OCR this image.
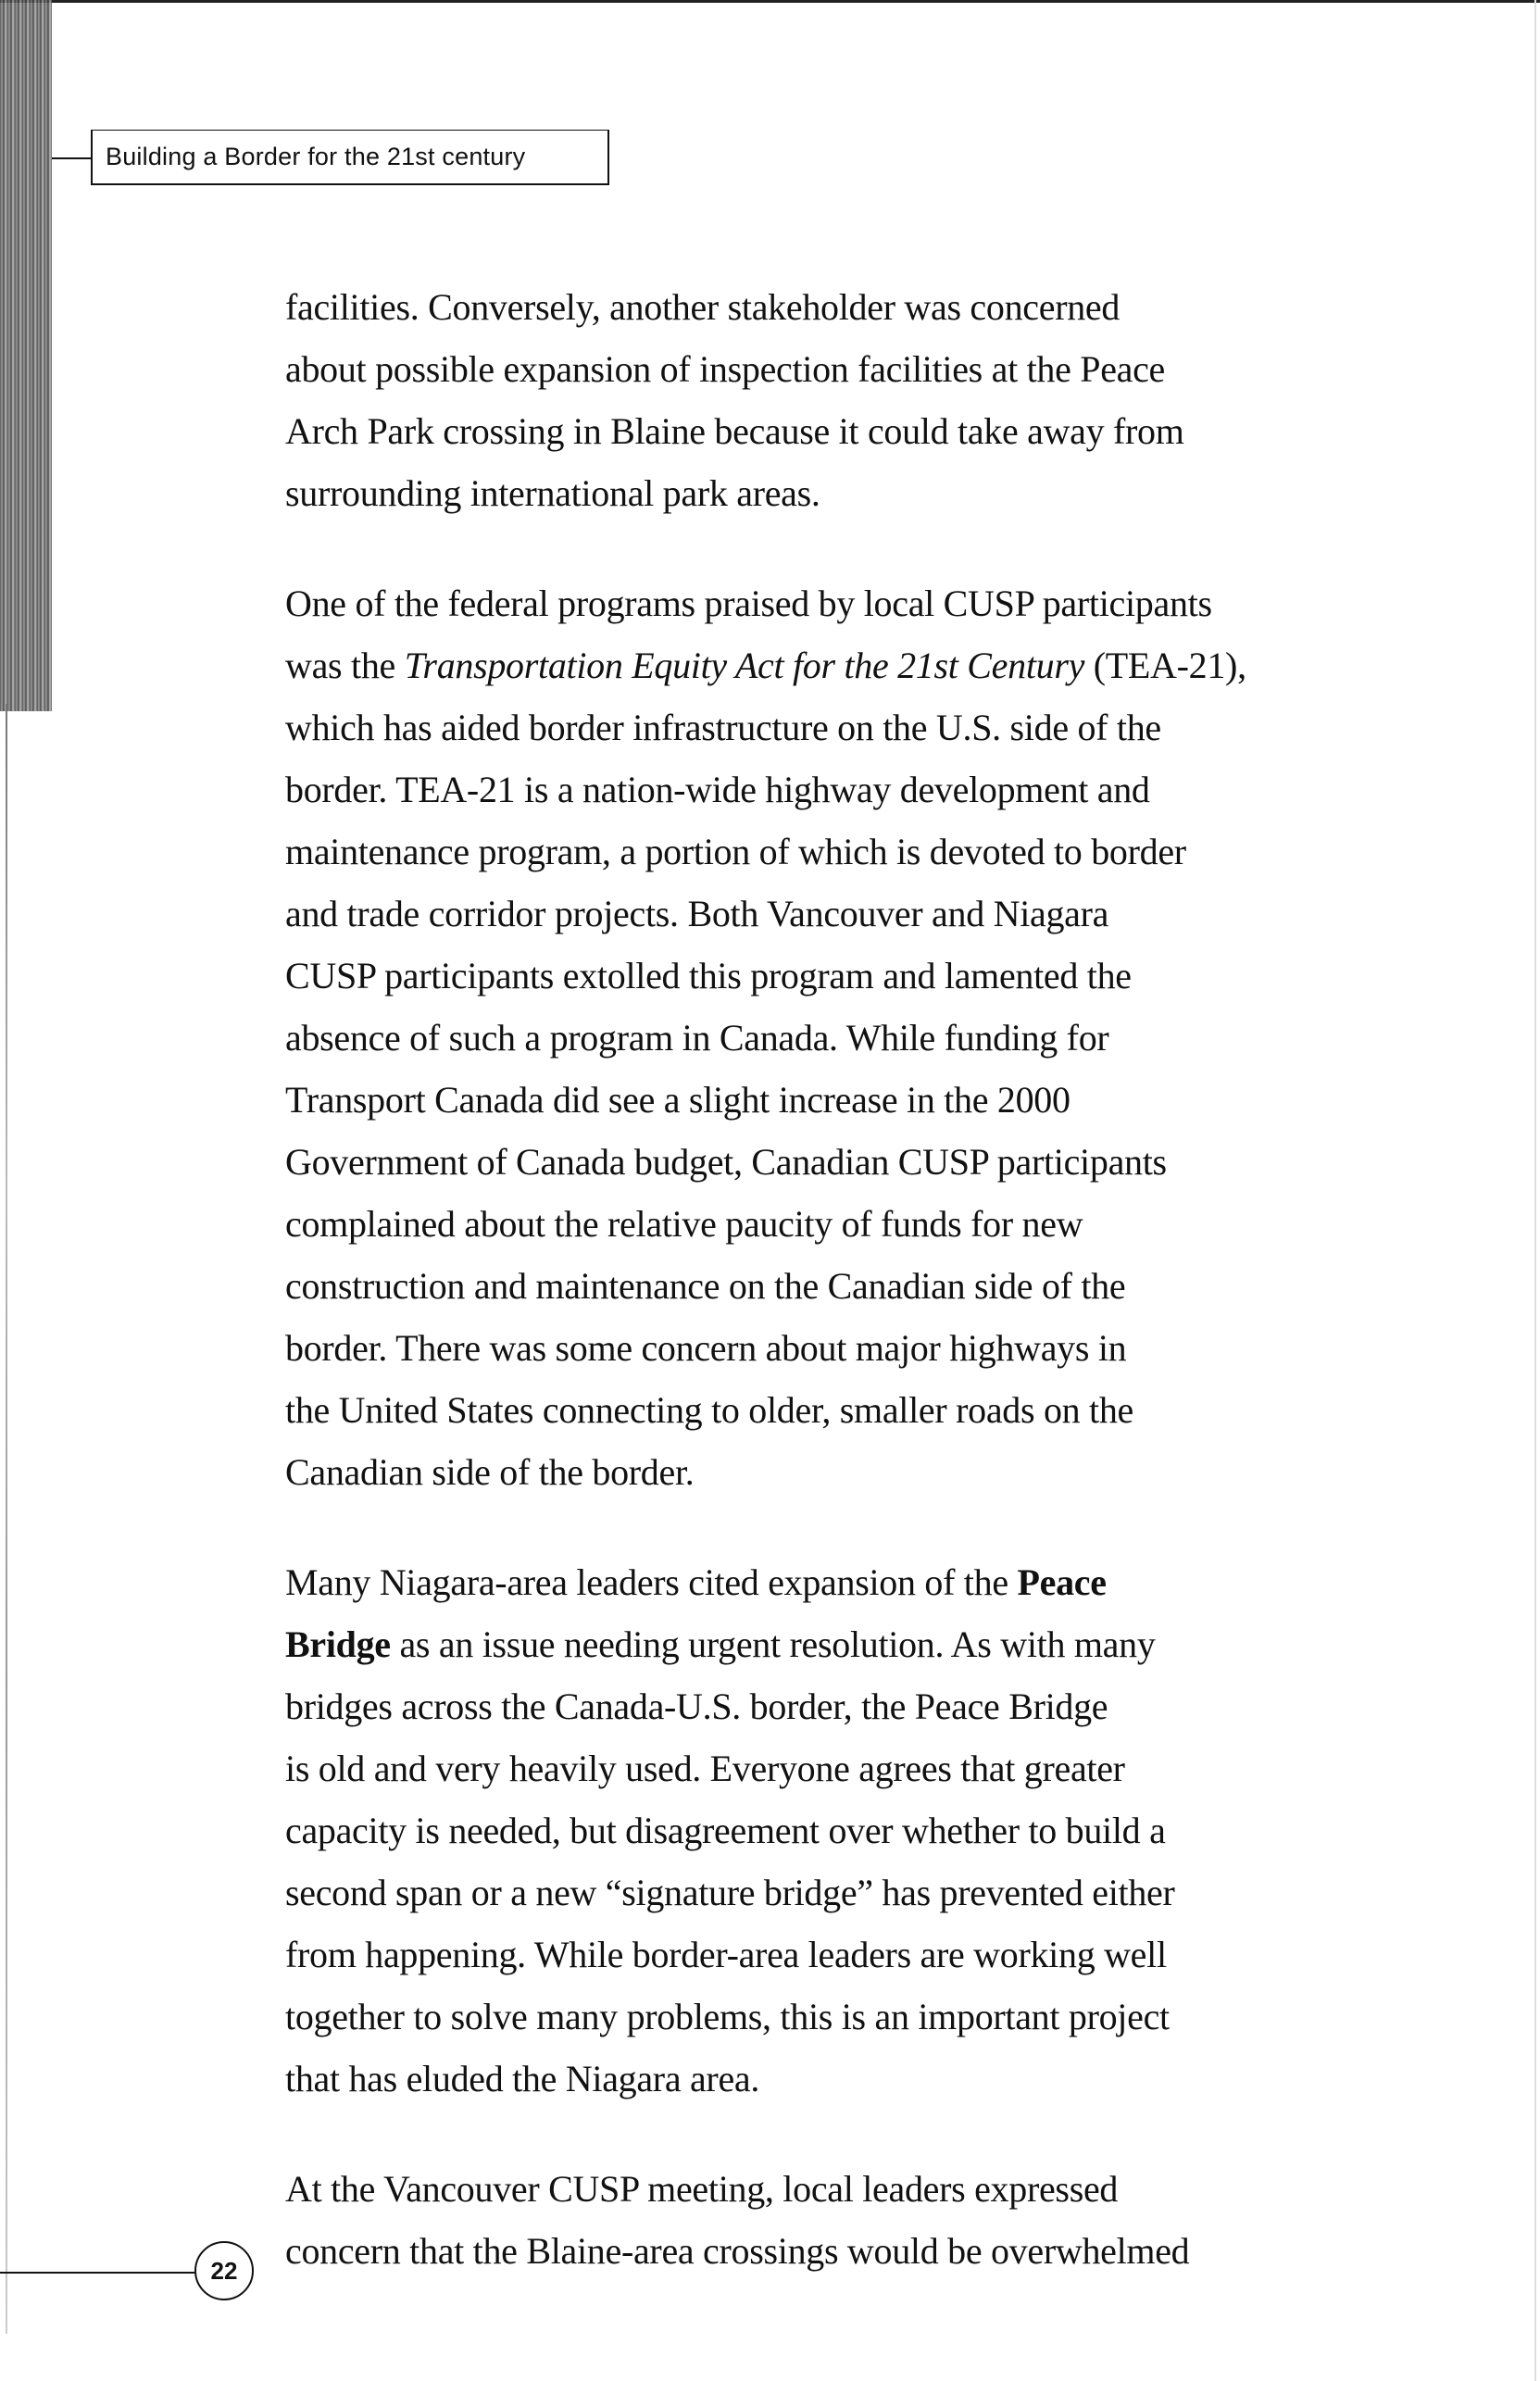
Building a Border for the 21st century

facilities. Conversely, another stakeholder was concerned
about possible expansion of inspection facilities at the Peace
Arch Park crossing in Blaine because it could take away from
surrounding international park areas.

One of the federal programs praised by local CUSP participants
was the Transportation Equity Act for the 21st Century (TEA-21),
which has aided border infrastructure on the U.S. side of the
border. TEA-21 is a nation-wide highway development and
maintenance program, a portion of which is devoted to border
and trade corridor projects. Both Vancouver and Niagara
CUSP participants extolled this program and lamented the
absence of such a program in Canada. While funding for
Transport Canada did see a slight increase in the 2000
Government of Canada budget, Canadian CUSP participants
complained about the relative paucity of funds for new
construction and maintenance on the Canadian side of the
border. There was some concern about major highways in
the United States connecting to older, smaller roads on the
Canadian side of the border.

Many Niagara-area leaders cited expansion of the Peace
Bridge as an issue needing urgent resolution. As with many
bridges across the Canada-U.S. border, the Peace Bridge
is old and very heavily used. Everyone agrees that greater
capacity is needed, but disagreement over whether to build a
second span or a new “signature bridge” has prevented either
from happening. While border-area leaders are working well
together to solve many problems, this is an important project
that has eluded the Niagara area.

At the Vancouver CUSP meeting, local leaders expressed
concern that the Blaine-area crossings would be overwhelmed

22
